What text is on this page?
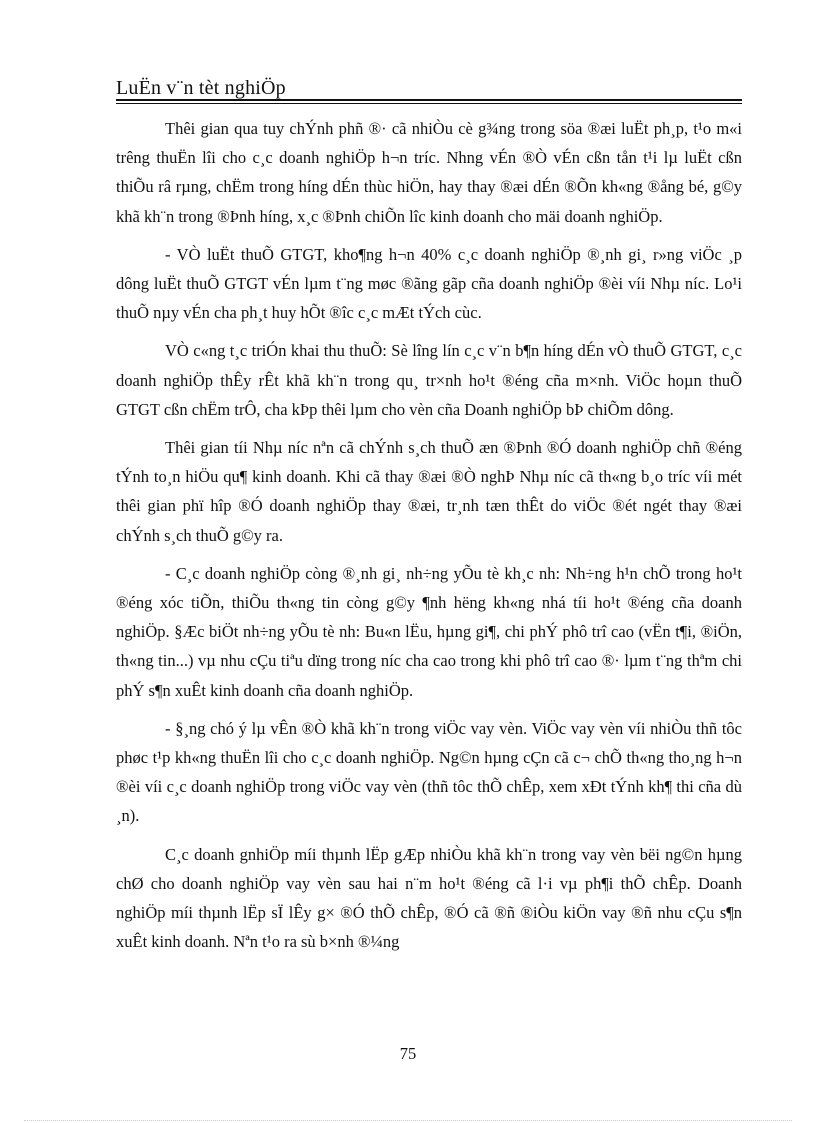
LuËn v¨n tèt nghiÖp

Thêi gian qua tuy chÝnh phñ ®· cã nhiÒu cè g¾ng trong söa ®æi luËt ph¸p, t¹o m«i trêng thuËn lîi cho c¸c doanh nghiÖp h¬n tríc. Nhng vÉn ®Ò vÉn cßn tån t¹i lµ luËt cßn thiÕu râ rµng, chËm trong híng dÉn thùc hiÖn, hay thay ®æi dÉn ®Õn kh«ng ®ång bé, g©y khã kh¨n trong ®Þnh híng, x¸c ®Þnh chiÕn lîc kinh doanh cho mäi doanh nghiÖp.

- VÒ luËt thuÕ GTGT, kho¶ng h¬n 40% c¸c doanh nghiÖp ®¸nh gi¸ r»ng viÖc ¸p dông luËt thuÕ GTGT vÉn lµm t¨ng møc ®ãng gãp cña doanh nghiÖp ®èi víi Nhµ níc. Lo¹i thuÕ nµy vÉn cha ph¸t huy hÕt ®îc c¸c mÆt tÝch cùc.

VÒ c«ng t¸c triÓn khai thu thuÕ: Sè lîng lín c¸c v¨n b¶n híng dÉn vÒ thuÕ GTGT, c¸c doanh nghiÖp thÊy rÊt khã kh¨n trong qu¸ tr×nh ho¹t ®éng cña m×nh. ViÖc hoµn thuÕ GTGT cßn chËm trÔ, cha kÞp thêi lµm cho vèn cña Doanh nghiÖp bÞ chiÕm dông.

Thêi gian tíi Nhµ níc nªn cã chÝnh s¸ch thuÕ æn ®Þnh ®Ó doanh nghiÖp chñ ®éng tÝnh to¸n hiÖu qu¶ kinh doanh. Khi cã thay ®æi ®Ò nghÞ Nhµ níc cã th«ng b¸o tríc víi mét thêi gian phï hîp ®Ó doanh nghiÖp thay ®æi, tr¸nh tæn thÊt do viÖc ®ét ngét thay ®æi chÝnh s¸ch thuÕ g©y ra.

- C¸c doanh nghiÖp còng ®¸nh gi¸ nh÷ng yÕu tè kh¸c nh: Nh÷ng h¹n chÕ trong ho¹t ®éng xóc tiÕn, thiÕu th«ng tin còng g©y ¶nh hëng kh«ng nhá tíi ho¹t ®éng cña doanh nghiÖp. §Æc biÖt nh÷ng yÕu tè nh: Bu«n lËu, hµng gi¶, chi phÝ phô trî cao (vËn t¶i, ®iÖn, th«ng tin...) vµ nhu cÇu tiªu dïng trong níc cha cao trong khi phô trî cao ®· lµm t¨ng thªm chi phÝ s¶n xuÊt kinh doanh cña doanh nghiÖp.

- §¸ng chó ý lµ vÊn ®Ò khã kh¨n trong viÖc vay vèn. ViÖc vay vèn víi nhiÒu thñ tôc phøc t¹p kh«ng thuËn lîi cho c¸c doanh nghiÖp. Ng©n hµng cÇn cã c¬ chÕ th«ng tho¸ng h¬n ®èi víi c¸c doanh nghiÖp trong viÖc vay vèn (thñ tôc thÕ chÊp, xem xÐt tÝnh kh¶ thi cña dù ¸n).

C¸c doanh gnhiÖp míi thµnh lËp gÆp nhiÒu khã kh¨n trong vay vèn bëi ng©n hµng chØ cho doanh nghiÖp vay vèn sau hai n¨m ho¹t ®éng cã l·i vµ ph¶i thÕ chÊp. Doanh nghiÖp míi thµnh lËp sÏ lÊy g× ®Ó thÕ chÊp, ®Ó cã ®ñ ®iÒu kiÖn vay ®ñ nhu cÇu s¶n xuÊt kinh doanh. Nªn t¹o ra sù b×nh ®¼ng

75
